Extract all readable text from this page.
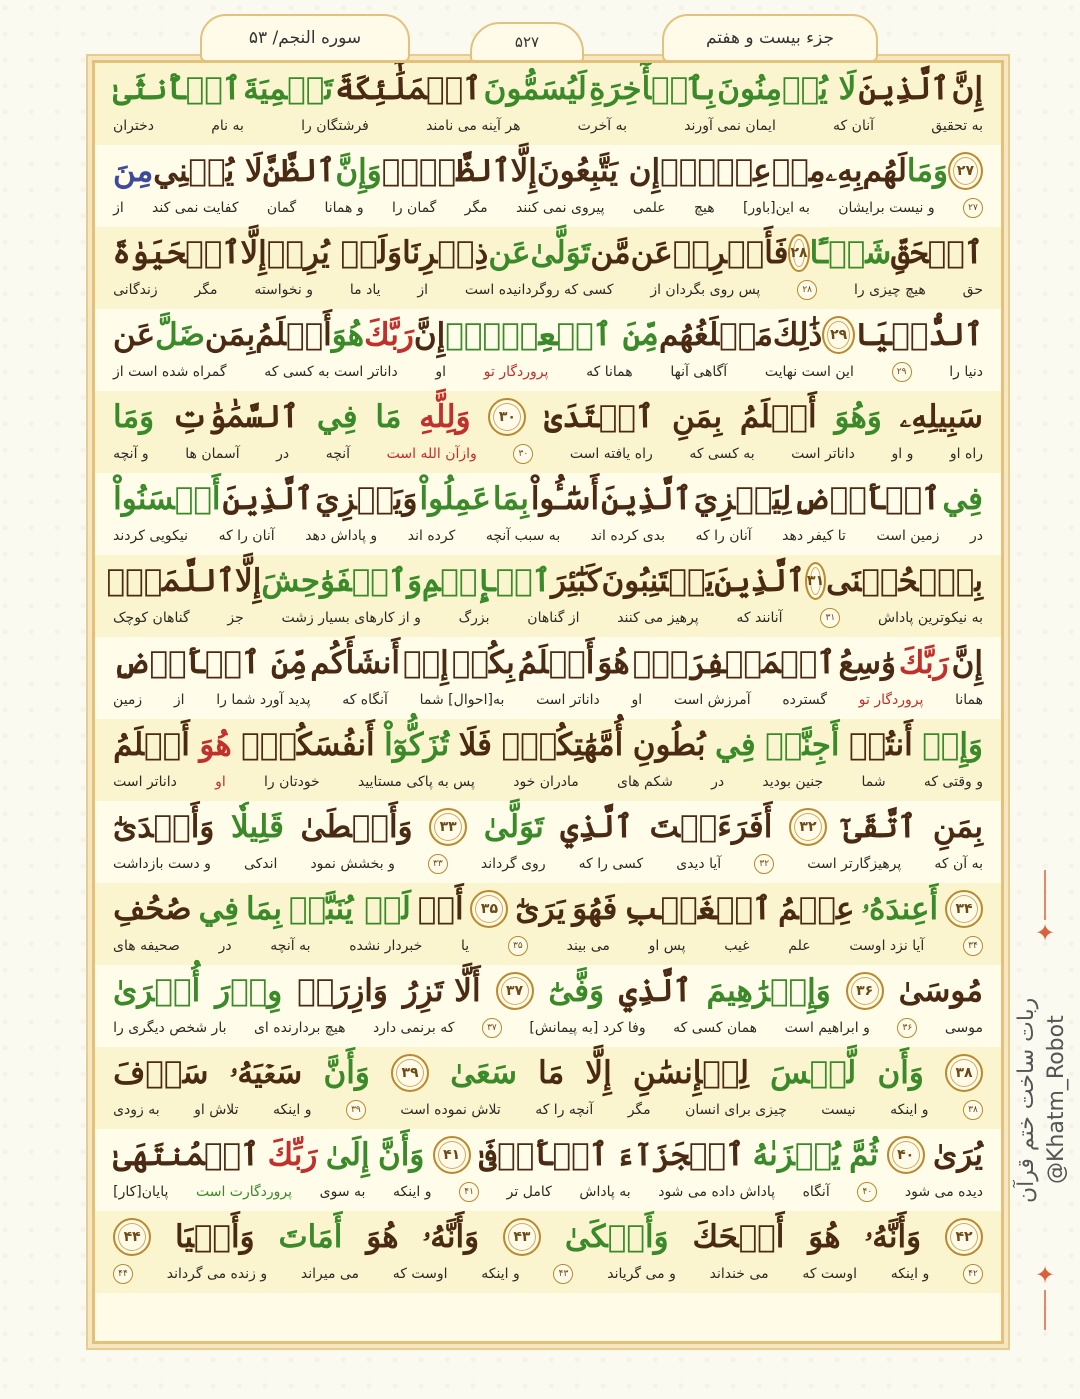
إِنَّ
ٱلَّذِينَ
لَا يُؤۡمِنُونَ
بِٱلۡأٓخِرَةِ
لَيُسَمُّونَ
ٱلۡمَلَٰٓئِكَةَ
تَسۡمِيَةَ
ٱلۡأُنثَىٰ
به تحقیق
آنان که
ایمان نمی آورند
به آخرت
هر آینه می نامند
فرشتگان را
به نام
دختران
۲۷
وَمَا
لَهُم
بِهِۦ
مِنۡ
عِلۡمٍۖ
إِن يَتَّبِعُونَ
إِلَّا
ٱلظَّنَّۖ
وَإِنَّ
ٱلظَّنَّ
لَا يُغۡنِي
مِنَ
۲۷
و نیست برایشان
به این[باور]
هیچ
علمی
پیروی نمی کنند
مگر
گمان را
و همانا
گمان
کفایت نمی کند
از
ٱلۡحَقِّ
شَيۡـًٔا
۲۸
فَأَعۡرِضۡ
عَن
مَّن
تَوَلَّىٰ
عَن
ذِكۡرِنَا
وَلَمۡ يُرِدۡ
إِلَّا
ٱلۡحَيَوٰةَ
حق
هیچ چیزی را
۲۸
پس روی بگردان از
کسی که روگردانیده است
از
یاد ما
و نخواسته
مگر
زندگانی
ٱلدُّنۡيَا
۲۹
ذَٰلِكَ
مَبۡلَغُهُم
مِّنَ ٱلۡعِلۡمِۚ
إِنَّ
رَبَّكَ
هُوَ
أَعۡلَمُ
بِمَن
ضَلَّ
عَن
دنیا را
۲۹
این است نهایت
آگاهی آنها
همانا که
پروردگار تو
او
داناتر است به کسی که
گمراه شده است از
سَبِيلِهِۦ
وَهُوَ
أَعۡلَمُ
بِمَنِ
ٱهۡتَدَىٰ
۳۰
وَلِلَّهِ
مَا
فِي
ٱلسَّمَٰوَٰتِ
وَمَا
راه او
و او
داناتر است
به کسی که
راه یافته است
۳۰
وازآن الله است
آنچه
در
آسمان ها
و آنچه
فِي
ٱلۡأَرۡضِ
لِيَجۡزِيَ
ٱلَّذِينَ
أَسَٰٓـُٔواْ
بِمَا
عَمِلُواْ
وَيَجۡزِيَ
ٱلَّذِينَ
أَحۡسَنُواْ
در
زمین است
تا کیفر دهد
آنان را که
بدی کرده اند
به سبب آنچه
کرده اند
و پاداش دهد
آنان را که
نیکویی کردند
بِٱلۡحُسۡنَى
۳۱
ٱلَّذِينَ
يَجۡتَنِبُونَ
كَبَٰٓئِرَ
ٱلۡإِثۡمِ
وَٱلۡفَوَٰحِشَ
إِلَّا
ٱللَّمَمَۚ
به نیکوترین پاداش
۳۱
آنانند که
پرهیز می کنند
از گناهان
بزرگ
و از کارهای بسیار زشت
جز
گناهان کوچک
إِنَّ
رَبَّكَ
وَٰسِعُ
ٱلۡمَغۡفِرَةِۚ
هُوَ
أَعۡلَمُ
بِكُمۡ
إِذۡ
أَنشَأَكُم
مِّنَ ٱلۡأَرۡضِ
همانا
پروردگار تو
گسترده
آمرزش است
او
داناتر است
به[احوال] شما
آنگاه که
پدید آورد شما را
از
زمین
وَإِذۡ
أَنتُمۡ
أَجِنَّةٞ
فِي
بُطُونِ
أُمَّهَٰتِكُمۡۖ
فَلَا
تُزَكُّوٓاْ
أَنفُسَكُمۡۖ
هُوَ
أَعۡلَمُ
و وقتی که
شما
جنین بودید
در
شکم های
مادران خود
پس به پاکی مستایید
خودتان را
او
داناتر است
بِمَنِ
ٱتَّقَىٰٓ
۳۲
أَفَرَءَيۡتَ
ٱلَّذِي
تَوَلَّىٰ
۳۳
وَأَعۡطَىٰ
قَلِيلٗا
وَأَكۡدَىٰٓ
به آن که
پرهیزگارتر است
۳۲
آیا دیدی
کسی را که
روی گرداند
۳۳
و بخشش نمود
اندکی
و دست بازداشت
۳۴
أَعِندَهُۥ
عِلۡمُ
ٱلۡغَيۡبِ
فَهُوَ
يَرَىٰٓ
۳۵
أَمۡ
لَمۡ يُنَبَّأۡ
بِمَا
فِي
صُحُفِ
۳۴
آیا نزد اوست
علم
غیب
پس او
می بیند
۳۵
یا
خبردار نشده
به آنچه
در
صحیفه های
مُوسَىٰ
۳۶
وَإِبۡرَٰهِيمَ
ٱلَّذِي
وَفَّىٰٓ
۳۷
أَلَّا تَزِرُ
وَازِرَةٞ
وِزۡرَ
أُخۡرَىٰ
موسی
۳۶
و ابراهیم است
همان کسی که
وفا کرد [به پیمانش]
۳۷
که برنمی دارد
هیچ بردارنده ای
بار شخص دیگری را
۳۸
وَأَن
لَّيۡسَ
لِلۡإِنسَٰنِ
إِلَّا
مَا
سَعَىٰ
۳۹
وَأَنَّ
سَعۡيَهُۥ
سَوۡفَ
۳۸
و اینکه
نیست
چیزی برای انسان
مگر
آنچه را که
تلاش نموده است
۳۹
و اینکه
تلاش او
به زودی
يُرَىٰ
۴۰
ثُمَّ
يُجۡزَىٰهُ
ٱلۡجَزَآءَ
ٱلۡأَوۡفَىٰ
۴۱
وَأَنَّ
إِلَىٰ
رَبِّكَ
ٱلۡمُنتَهَىٰ
دیده می شود
۴۰
آنگاه
پاداش داده می شود
به پاداش
کامل تر
۴۱
و اینکه
به سوی
پروردگارت است
پایان[کار]
۴۲
وَأَنَّهُۥ
هُوَ
أَضۡحَكَ
وَأَبۡكَىٰ
۴۳
وَأَنَّهُۥ
هُوَ
أَمَاتَ
وَأَحۡيَا
۴۴
۴۲
و اینکه
اوست که
می خنداند
و می گریاند
۴۳
و اینکه
اوست که
می میراند
و زنده می گرداند
۴۴
جزء بیست و هفتم
۵۲۷
سوره النجم/ ۵۳
✦
ربات ساخت ختم قرآن @Khatm_Robot
✦
